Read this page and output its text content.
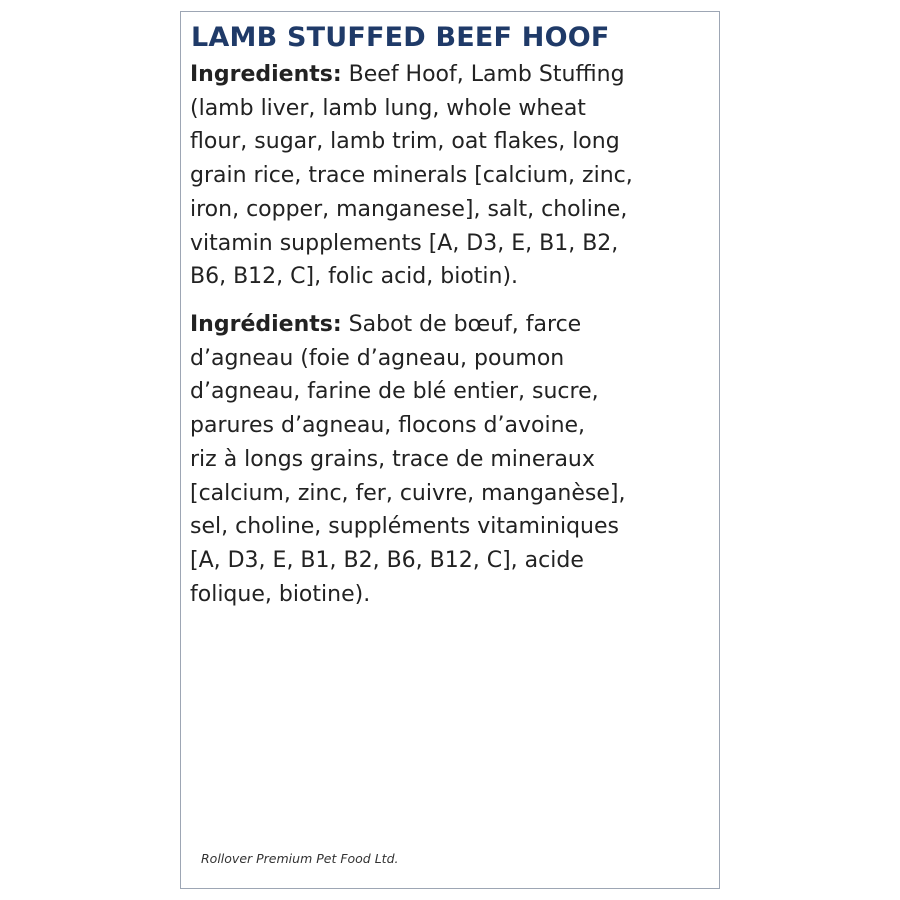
LAMB STUFFED BEEF HOOF
Ingredients: Beef Hoof, Lamb Stuffing
(lamb liver, lamb lung, whole wheat
flour, sugar, lamb trim, oat flakes, long
grain rice, trace minerals [calcium, zinc,
iron, copper, manganese], salt, choline,
vitamin supplements [A, D3, E, B1, B2,
B6, B12, C], folic acid, biotin).
Ingrédients: Sabot de bœuf, farce
d’agneau (foie d’agneau, poumon
d’agneau, farine de blé entier, sucre,
parures d’agneau, flocons d’avoine,
riz à longs grains, trace de mineraux
[calcium, zinc, fer, cuivre, manganèse],
sel, choline, suppléments vitaminiques
[A, D3, E, B1, B2, B6, B12, C], acide
folique, biotine).

Rollover Premium Pet Food Ltd.
